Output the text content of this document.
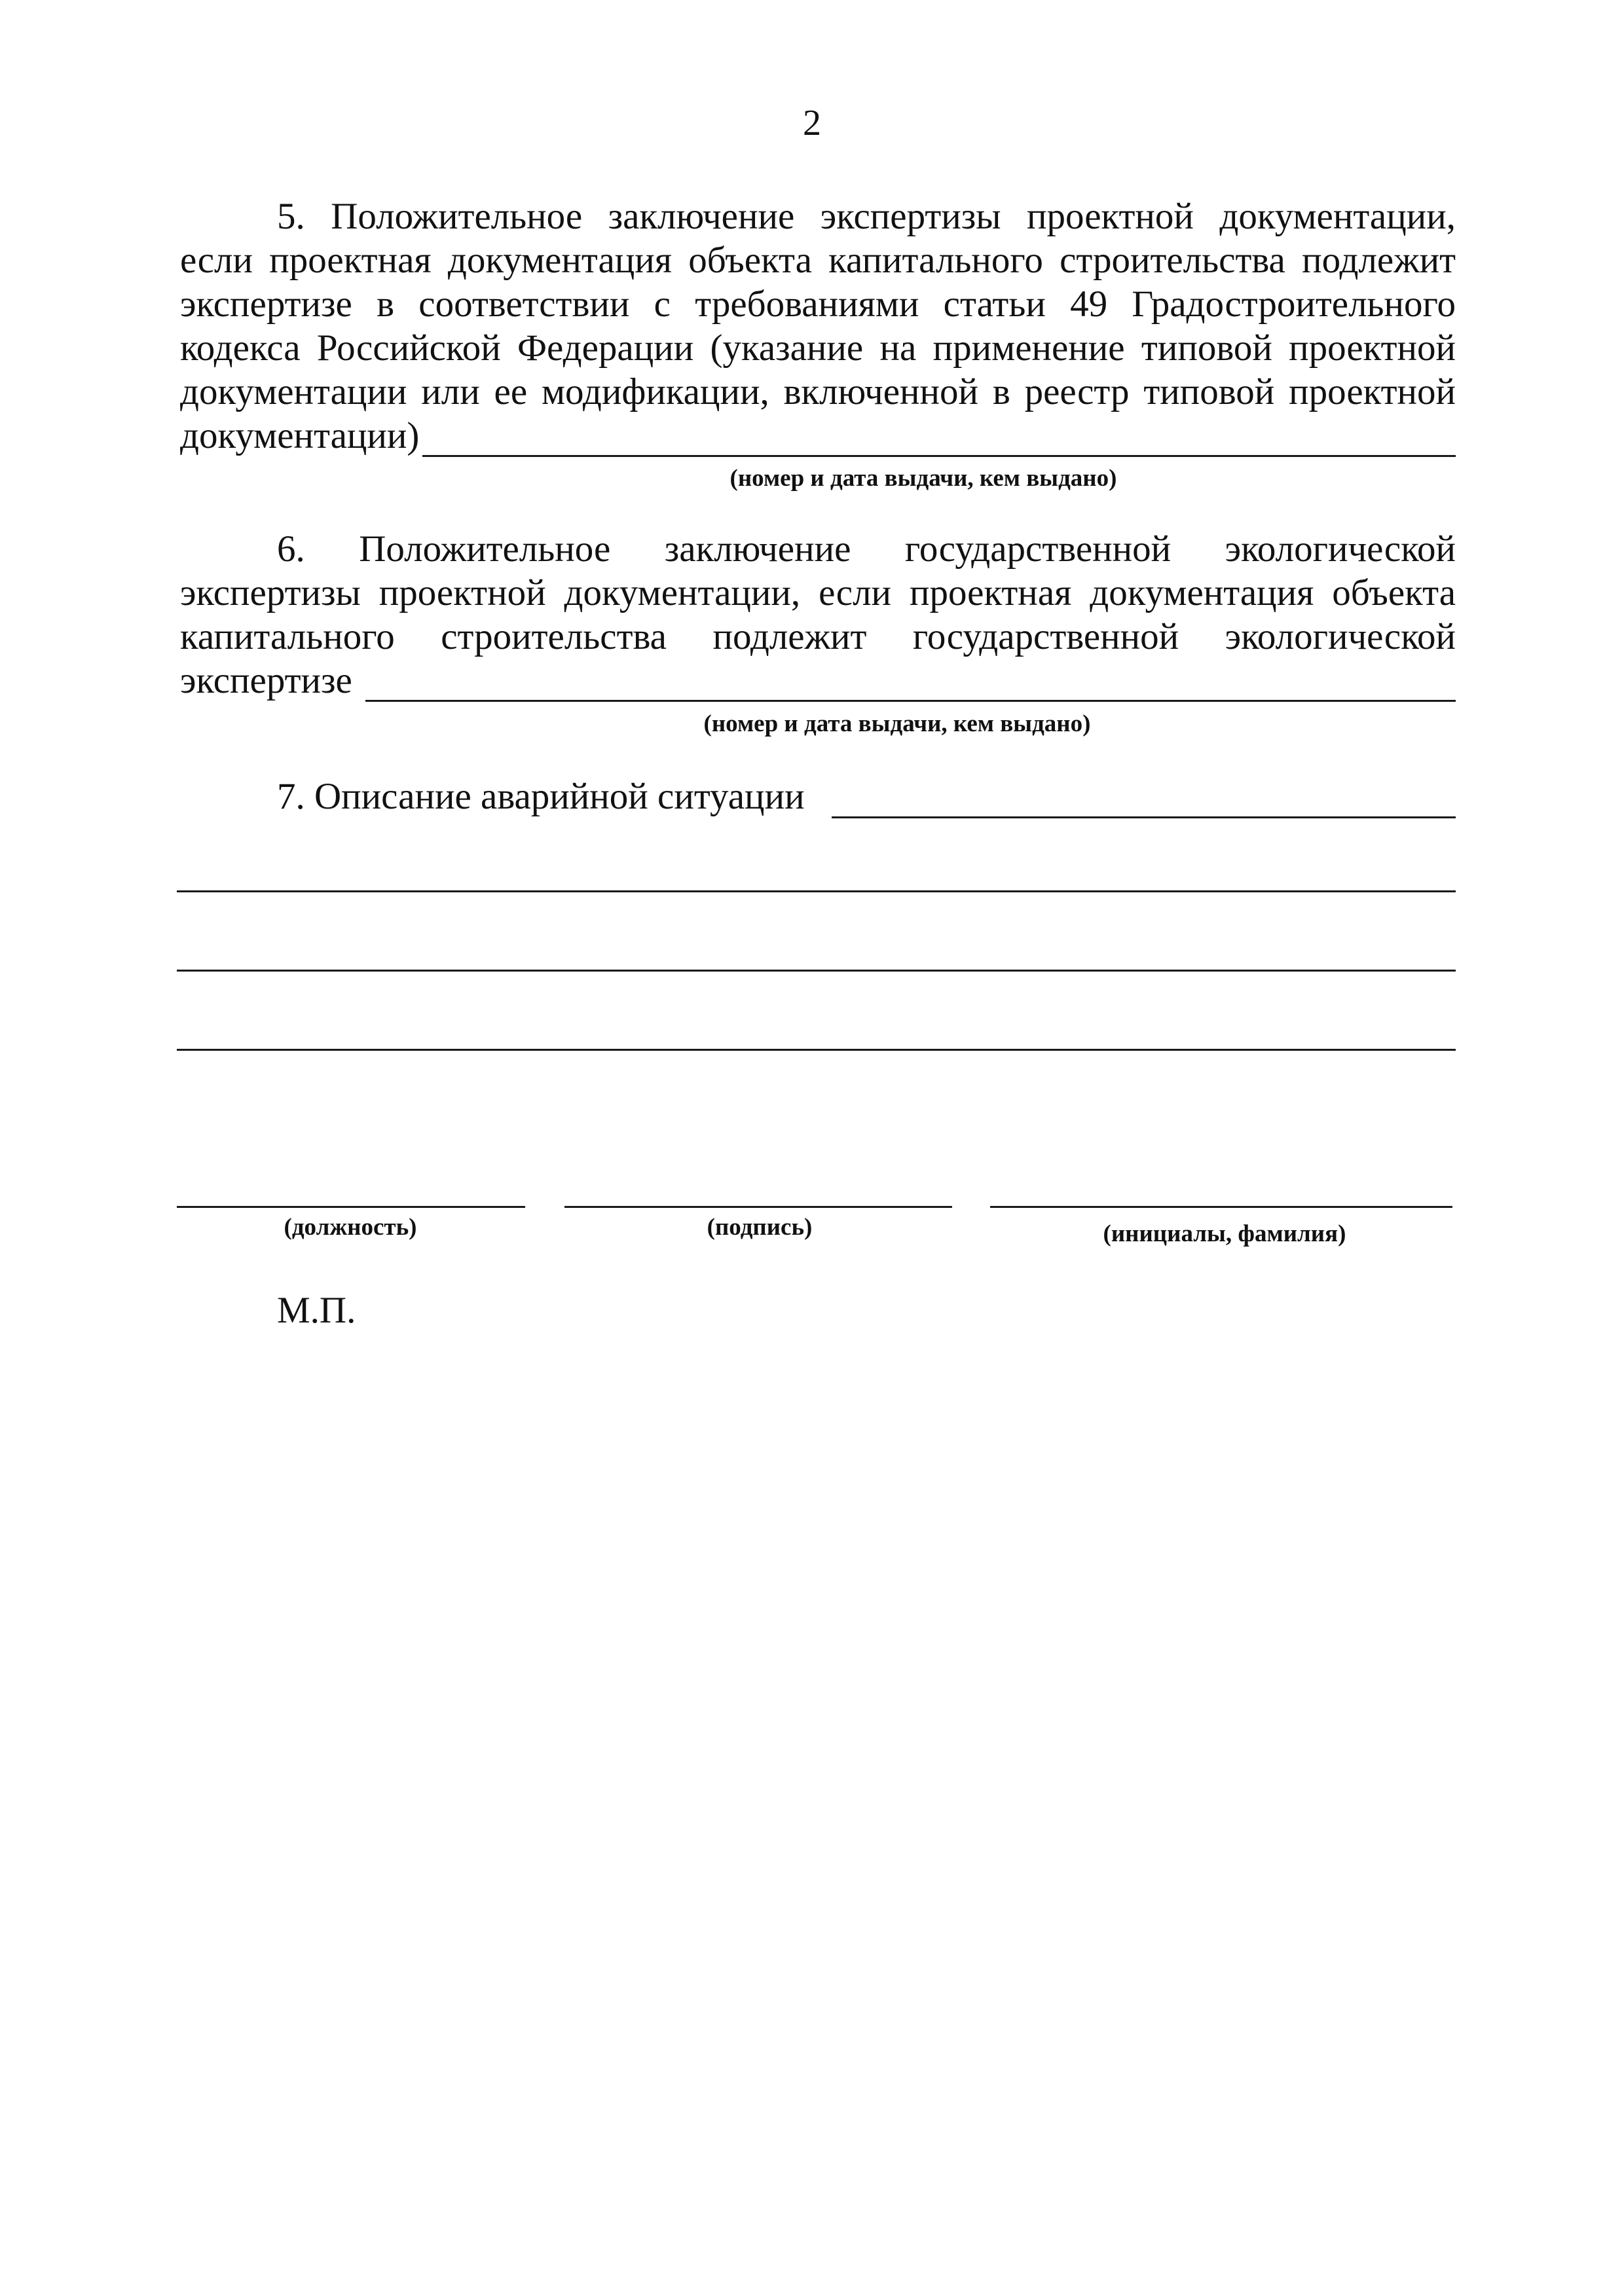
2
5. Положительное заключение экспертизы проектной документации,
если проектная документация объекта капитального строительства подлежит
экспертизе в соответствии с требованиями статьи 49 Градостроительного
кодекса Российской Федерации (указание на применение типовой проектной
документации или ее модификации, включенной в реестр типовой проектной
документации)
(номер и дата выдачи, кем выдано)
6. Положительное заключение государственной экологической
экспертизы проектной документации, если проектная документация объекта
капитального строительства подлежит государственной экологической
экспертизе
(номер и дата выдачи, кем выдано)
7. Описание аварийной ситуации
(должность)	(подпись)	(инициалы, фамилия)
М.П.
